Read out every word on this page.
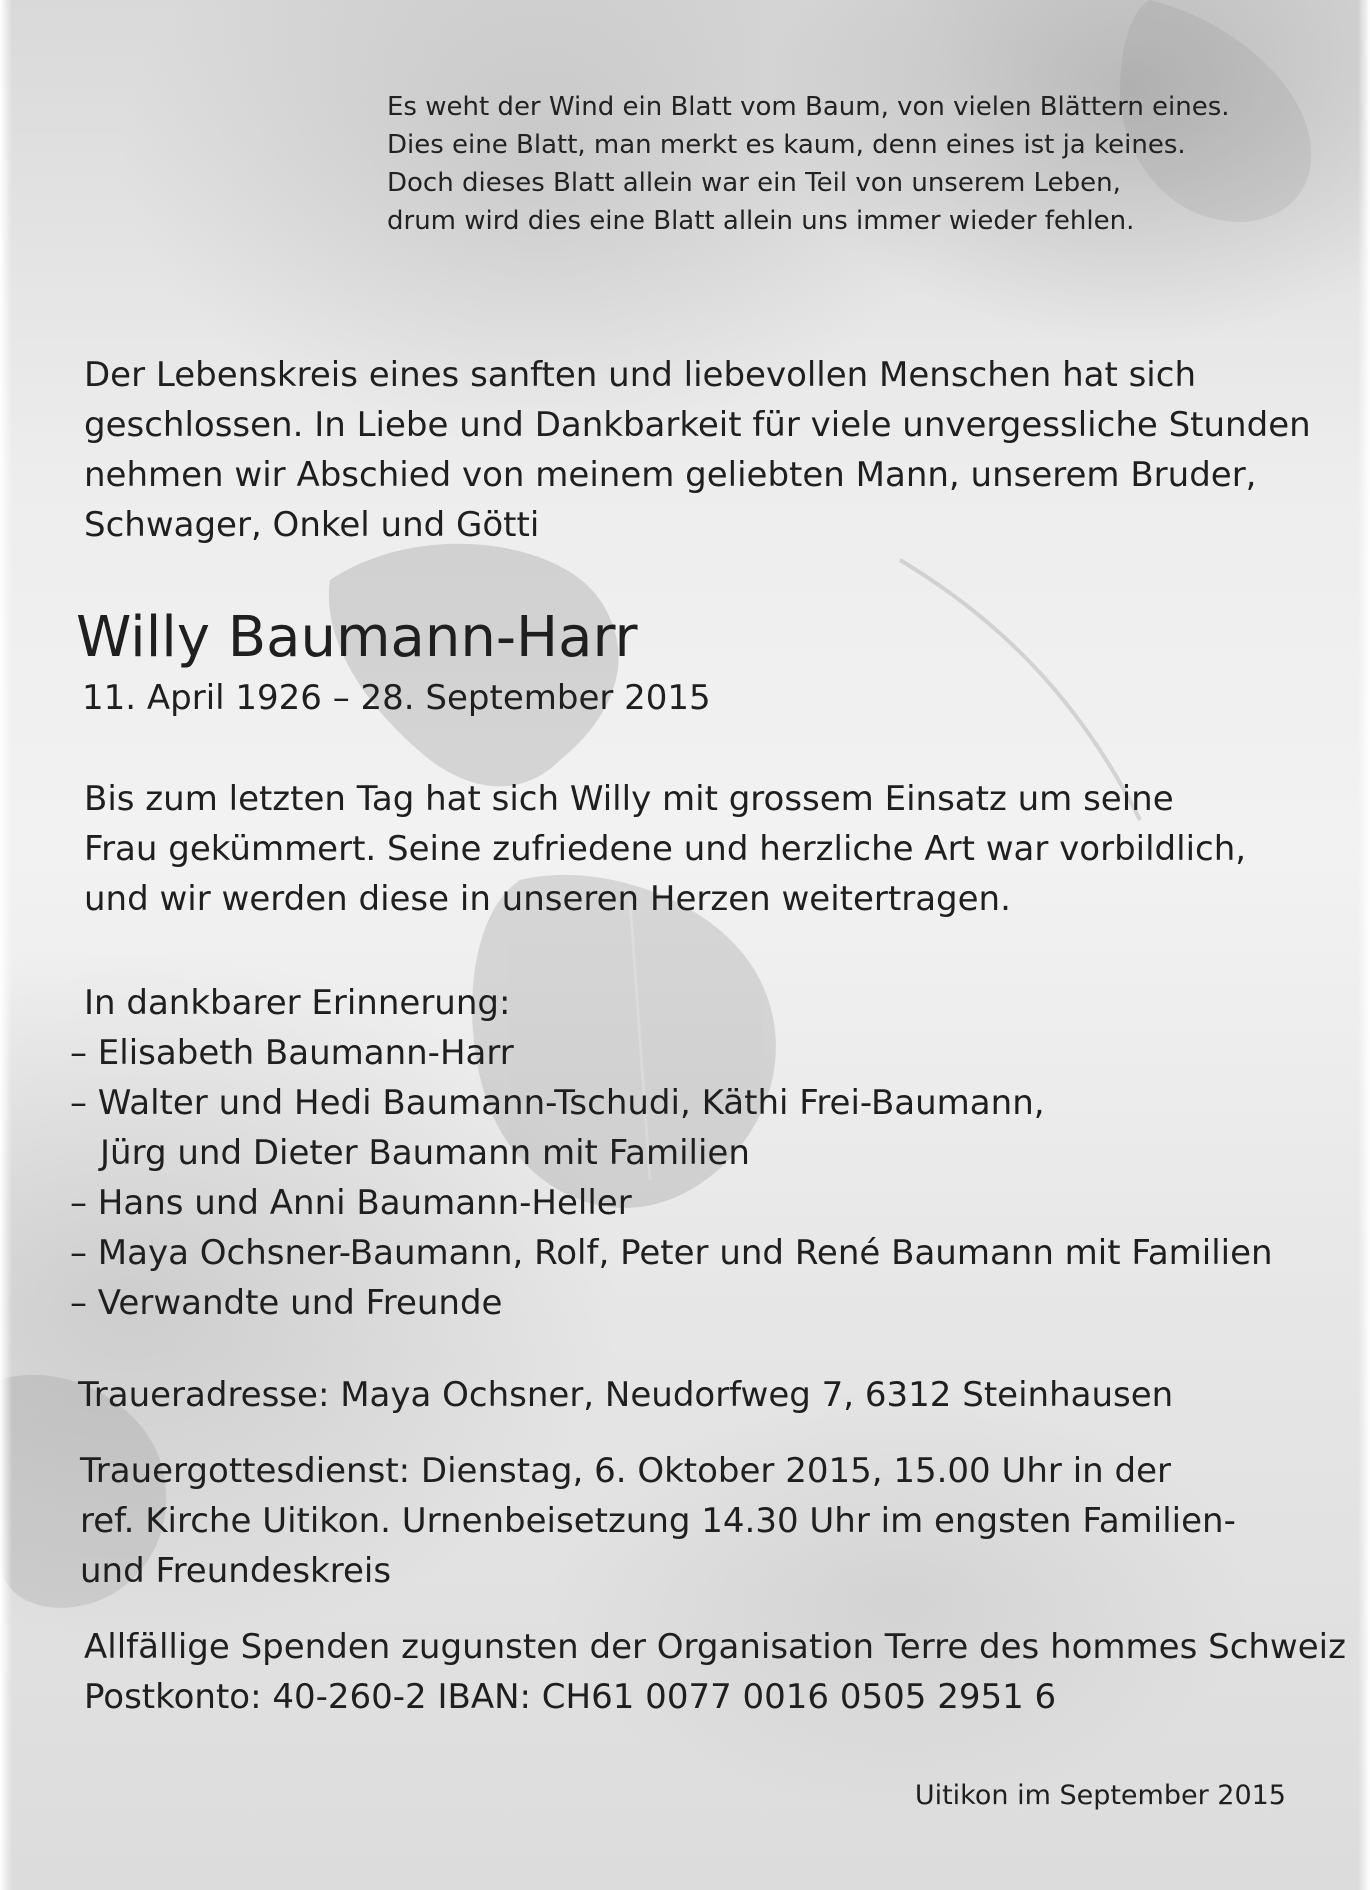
Es weht der Wind ein Blatt vom Baum, von vielen Blättern eines.
Dies eine Blatt, man merkt es kaum, denn eines ist ja keines.
Doch dieses Blatt allein war ein Teil von unserem Leben,
drum wird dies eine Blatt allein uns immer wieder fehlen.
Der Lebenskreis eines sanften und liebevollen Menschen hat sich
geschlossen. In Liebe und Dankbarkeit für viele unvergessliche Stunden
nehmen wir Abschied von meinem geliebten Mann, unserem Bruder,
Schwager, Onkel und Götti
Willy Baumann-Harr
11. April 1926 – 28. September 2015
Bis zum letzten Tag hat sich Willy mit grossem Einsatz um seine
Frau gekümmert. Seine zufriedene und herzliche Art war vorbildlich,
und wir werden diese in unseren Herzen weitertragen.
In dankbarer Erinnerung:
– Elisabeth Baumann-Harr
– Walter und Hedi Baumann-Tschudi, Käthi Frei-Baumann,
Jürg und Dieter Baumann mit Familien
– Hans und Anni Baumann-Heller
– Maya Ochsner-Baumann, Rolf, Peter und René Baumann mit Familien
– Verwandte und Freunde
Traueradresse: Maya Ochsner, Neudorfweg 7, 6312 Steinhausen
Trauergottesdienst: Dienstag, 6. Oktober 2015, 15.00 Uhr in der
ref. Kirche Uitikon. Urnenbeisetzung 14.30 Uhr im engsten Familien-
und Freundeskreis
Allfällige Spenden zugunsten der Organisation Terre des hommes Schweiz
Postkonto: 40-260-2 IBAN: CH61 0077 0016 0505 2951 6
Uitikon im September 2015
